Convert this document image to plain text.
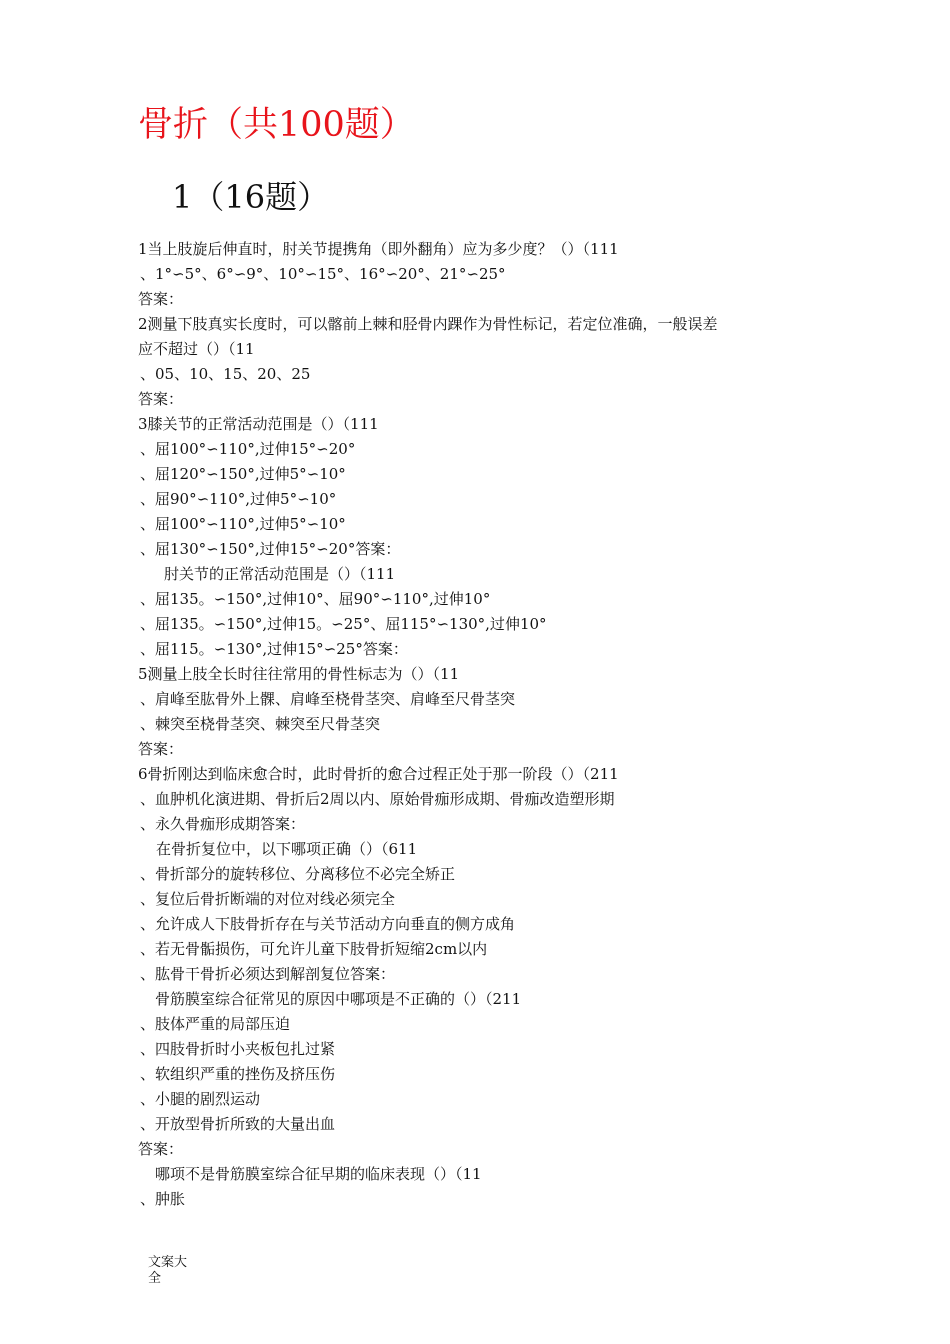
骨折（共100题）
1（16题）
1当上肢旋后伸直时，肘关节提携角（即外翻角）应为多少度？（）（111
、1°∽5°、6°∽9°、10°∽15°、16°∽20°、21°∽25°
答案：
2测量下肢真实长度时，可以髂前上棘和胫骨内踝作为骨性标记，若定位准确，一般误差
应不超过（）（11
、05、10、15、20、25
答案：
3膝关节的正常活动范围是（）（111
、屈100°∽110°,过伸15°∽20°
、屈120°∽150°,过伸5°∽10°
、屈90°∽110°,过伸5°∽10°
、屈100°∽110°,过伸5°∽10°
、屈130°∽150°,过伸15°∽20°答案：
肘关节的正常活动范围是（）（111
、屈135。∽150°,过伸10°、屈90°∽110°,过伸10°
、屈135。∽150°,过伸15。∽25°、屈115°∽130°,过伸10°
、屈115。∽130°,过伸15°∽25°答案：
5测量上肢全长时往往常用的骨性标志为（）（11
、肩峰至肱骨外上髁、肩峰至桡骨茎突、肩峰至尺骨茎突
、棘突至桡骨茎突、棘突至尺骨茎突
答案：
6骨折刚达到临床愈合时，此时骨折的愈合过程正处于那一阶段（）（211
、血肿机化演进期、骨折后2周以内、原始骨痂形成期、骨痂改造塑形期
、永久骨痂形成期答案：
在骨折复位中，以下哪项正确（）（611
、骨折部分的旋转移位、分离移位不必完全矫正
、复位后骨折断端的对位对线必须完全
、允许成人下肢骨折存在与关节活动方向垂直的侧方成角
、若无骨骺损伤，可允许儿童下肢骨折短缩2cm以内
、肱骨干骨折必须达到解剖复位答案：
骨筋膜室综合征常见的原因中哪项是不正确的（）（211
、肢体严重的局部压迫
、四肢骨折时小夹板包扎过紧
、软组织严重的挫伤及挤压伤
、小腿的剧烈运动
、开放型骨折所致的大量出血
答案：
哪项不是骨筋膜室综合征早期的临床表现（）（11
、肿胀
文案大全
